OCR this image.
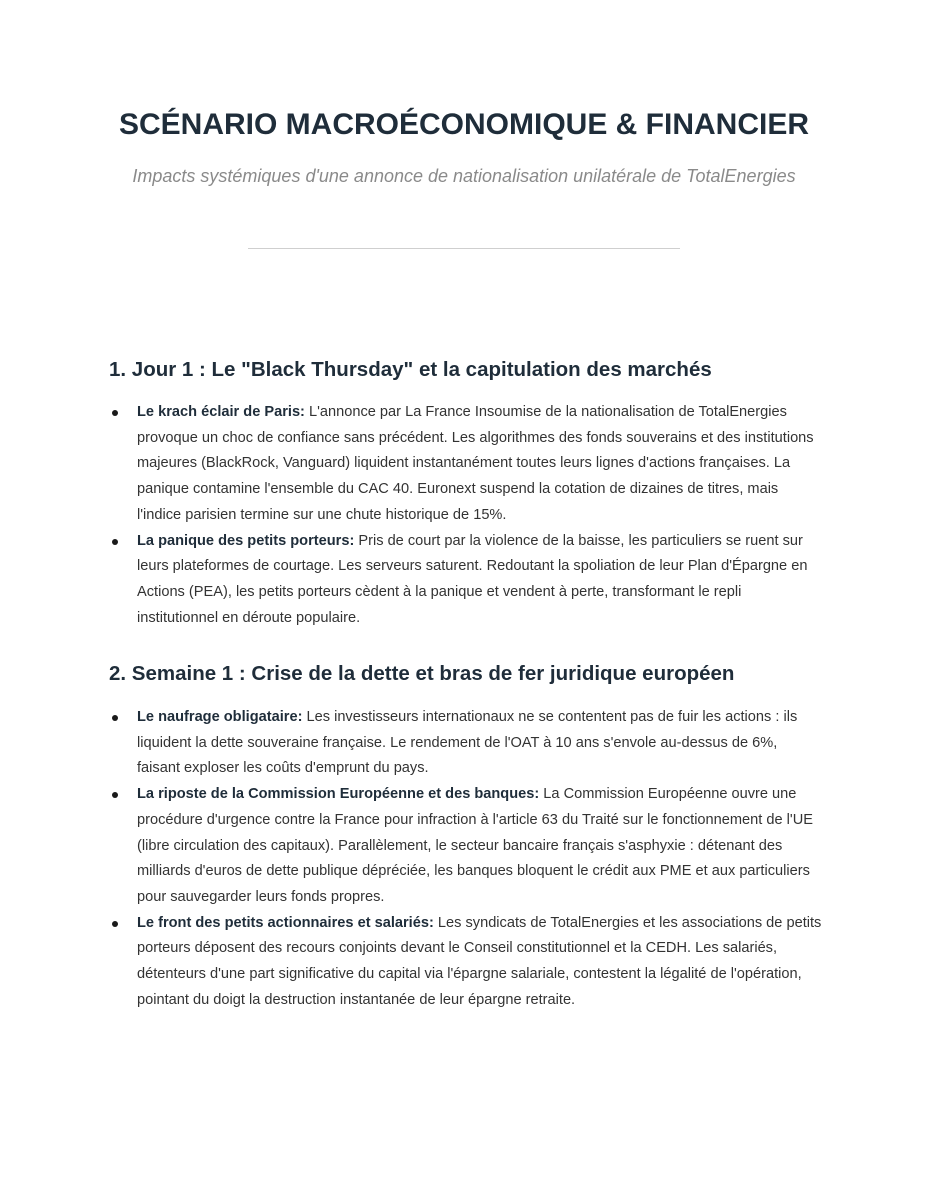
SCÉNARIO MACROÉCONOMIQUE & FINANCIER

Impacts systémiques d'une annonce de nationalisation unilatérale de TotalEnergies

1. Jour 1 : Le "Black Thursday" et la capitulation des marchés
Le krach éclair de Paris: L'annonce par La France Insoumise de la nationalisation de TotalEnergies provoque un choc de confiance sans précédent. Les algorithmes des fonds souverains et des institutions majeures (BlackRock, Vanguard) liquident instantanément toutes leurs lignes d'actions françaises. La panique contamine l'ensemble du CAC 40. Euronext suspend la cotation de dizaines de titres, mais l'indice parisien termine sur une chute historique de 15%.
La panique des petits porteurs: Pris de court par la violence de la baisse, les particuliers se ruent sur leurs plateformes de courtage. Les serveurs saturent. Redoutant la spoliation de leur Plan d'Épargne en Actions (PEA), les petits porteurs cèdent à la panique et vendent à perte, transformant le repli institutionnel en déroute populaire.
2. Semaine 1 : Crise de la dette et bras de fer juridique européen
Le naufrage obligataire: Les investisseurs internationaux ne se contentent pas de fuir les actions : ils liquident la dette souveraine française. Le rendement de l'OAT à 10 ans s'envole au-dessus de 6%, faisant exploser les coûts d'emprunt du pays.
La riposte de la Commission Européenne et des banques: La Commission Européenne ouvre une procédure d'urgence contre la France pour infraction à l'article 63 du Traité sur le fonctionnement de l'UE (libre circulation des capitaux). Parallèlement, le secteur bancaire français s'asphyxie : détenant des milliards d'euros de dette publique dépréciée, les banques bloquent le crédit aux PME et aux particuliers pour sauvegarder leurs fonds propres.
Le front des petits actionnaires et salariés: Les syndicats de TotalEnergies et les associations de petits porteurs déposent des recours conjoints devant le Conseil constitutionnel et la CEDH. Les salariés, détenteurs d'une part significative du capital via l'épargne salariale, contestent la légalité de l'opération, pointant du doigt la destruction instantanée de leur épargne retraite.
